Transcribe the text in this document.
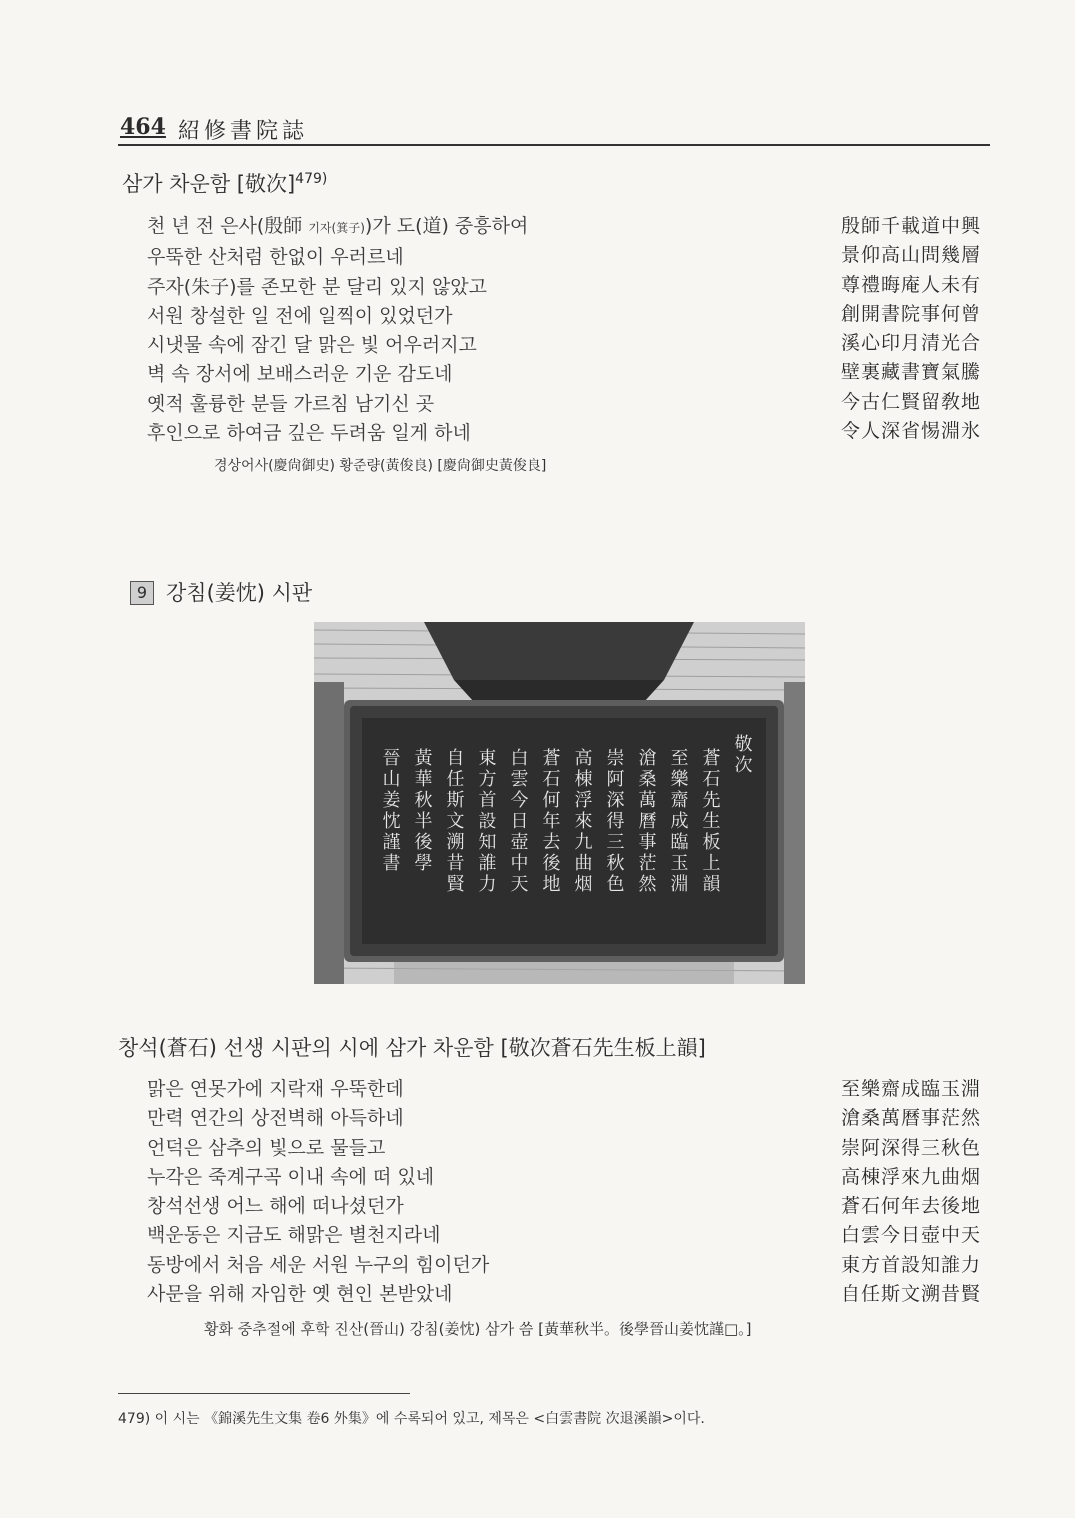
464 紹修書院誌
삼가 차운함 [敬次]$^{479)}$
천 년 전 은사(殷師 기자(箕子))가 도(道) 중흥하여
우뚝한 산처럼 한없이 우러르네
주자(朱子)를 존모한 분 달리 있지 않았고
서원 창설한 일 전에 일찍이 있었던가
시냇물 속에 잠긴 달 맑은 빛 어우러지고
벽 속 장서에 보배스러운 기운 감도네
옛적 훌륭한 분들 가르침 남기신 곳
후인으로 하여금 깊은 두려움 일게 하네
殷師千載道中興
景仰高山問幾層
尊禮晦庵人未有
創開書院事何曾
溪心印月清光合
壁裏藏書寶氣騰
今古仁賢留敎地
令人深省惕淵氷
경상어사(慶尙御史) 황준량(黃俊良) [慶尙御史黃俊良]
9 강침(姜忱) 시판
敬次
蒼石先生板上韻
至樂齋成臨玉淵
滄桑萬曆事茫然
崇阿深得三秋色
高棟浮來九曲烟
蒼石何年去後地
白雲今日壺中天
東方首設知誰力
自任斯文溯昔賢
黃華秋半後學
晉山姜忱謹書
창석(蒼石) 선생 시판의 시에 삼가 차운함 [敬次蒼石先生板上韻]
맑은 연못가에 지락재 우뚝한데
만력 연간의 상전벽해 아득하네
언덕은 삼추의 빛으로 물들고
누각은 죽계구곡 이내 속에 떠 있네
창석선생 어느 해에 떠나셨던가
백운동은 지금도 해맑은 별천지라네
동방에서 처음 세운 서원 누구의 힘이던가
사문을 위해 자임한 옛 현인 본받았네
至樂齋成臨玉淵
滄桑萬曆事茫然
崇阿深得三秋色
高棟浮來九曲烟
蒼石何年去後地
白雲今日壺中天
東方首設知誰力
自任斯文溯昔賢
황화 중추절에 후학 진산(晉山) 강침(姜忱) 삼가 씀 [黃華秋半。後學晉山姜忱謹□。]
479) 이 시는 《錦溪先生文集 卷6 外集》에 수록되어 있고, 제목은 <白雲書院 次退溪韻>이다.
